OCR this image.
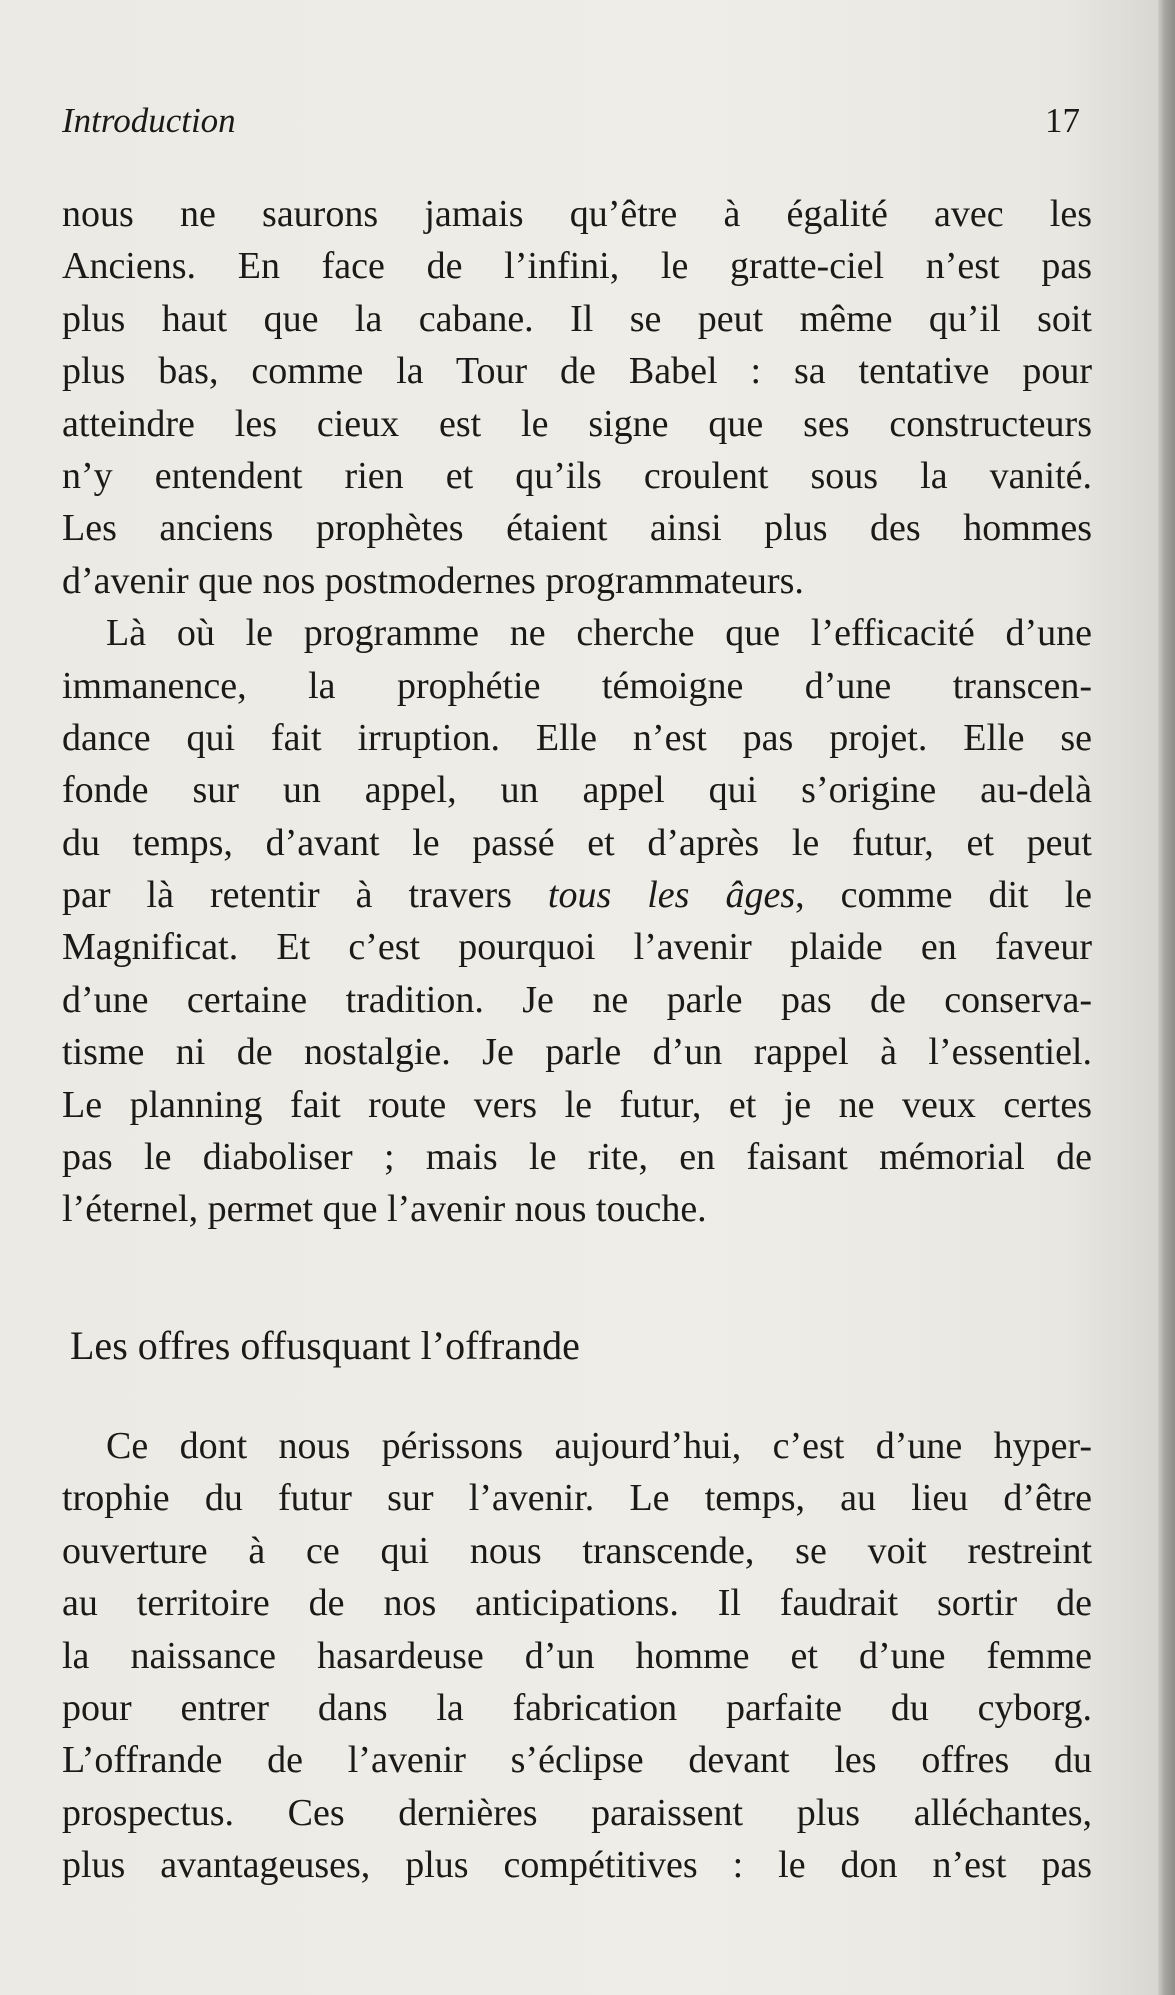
Introduction	17
nous ne saurons jamais qu’être à égalité avec les
Anciens. En face de l’infini, le gratte-ciel n’est pas
plus haut que la cabane. Il se peut même qu’il soit
plus bas, comme la Tour de Babel : sa tentative pour
atteindre les cieux est le signe que ses constructeurs
n’y entendent rien et qu’ils croulent sous la vanité.
Les anciens prophètes étaient ainsi plus des hommes
d’avenir que nos postmodernes programmateurs.
Là où le programme ne cherche que l’efficacité d’une
immanence, la prophétie témoigne d’une transcen-
dance qui fait irruption. Elle n’est pas projet. Elle se
fonde sur un appel, un appel qui s’origine au-delà
du temps, d’avant le passé et d’après le futur, et peut
par là retentir à travers tous les âges, comme dit le
Magnificat. Et c’est pourquoi l’avenir plaide en faveur
d’une certaine tradition. Je ne parle pas de conserva-
tisme ni de nostalgie. Je parle d’un rappel à l’essentiel.
Le planning fait route vers le futur, et je ne veux certes
pas le diaboliser ; mais le rite, en faisant mémorial de
l’éternel, permet que l’avenir nous touche.
Les offres offusquant l’offrande
Ce dont nous périssons aujourd’hui, c’est d’une hyper-
trophie du futur sur l’avenir. Le temps, au lieu d’être
ouverture à ce qui nous transcende, se voit restreint
au territoire de nos anticipations. Il faudrait sortir de
la naissance hasardeuse d’un homme et d’une femme
pour entrer dans la fabrication parfaite du cyborg.
L’offrande de l’avenir s’éclipse devant les offres du
prospectus. Ces dernières paraissent plus alléchantes,
plus avantageuses, plus compétitives : le don n’est pas
